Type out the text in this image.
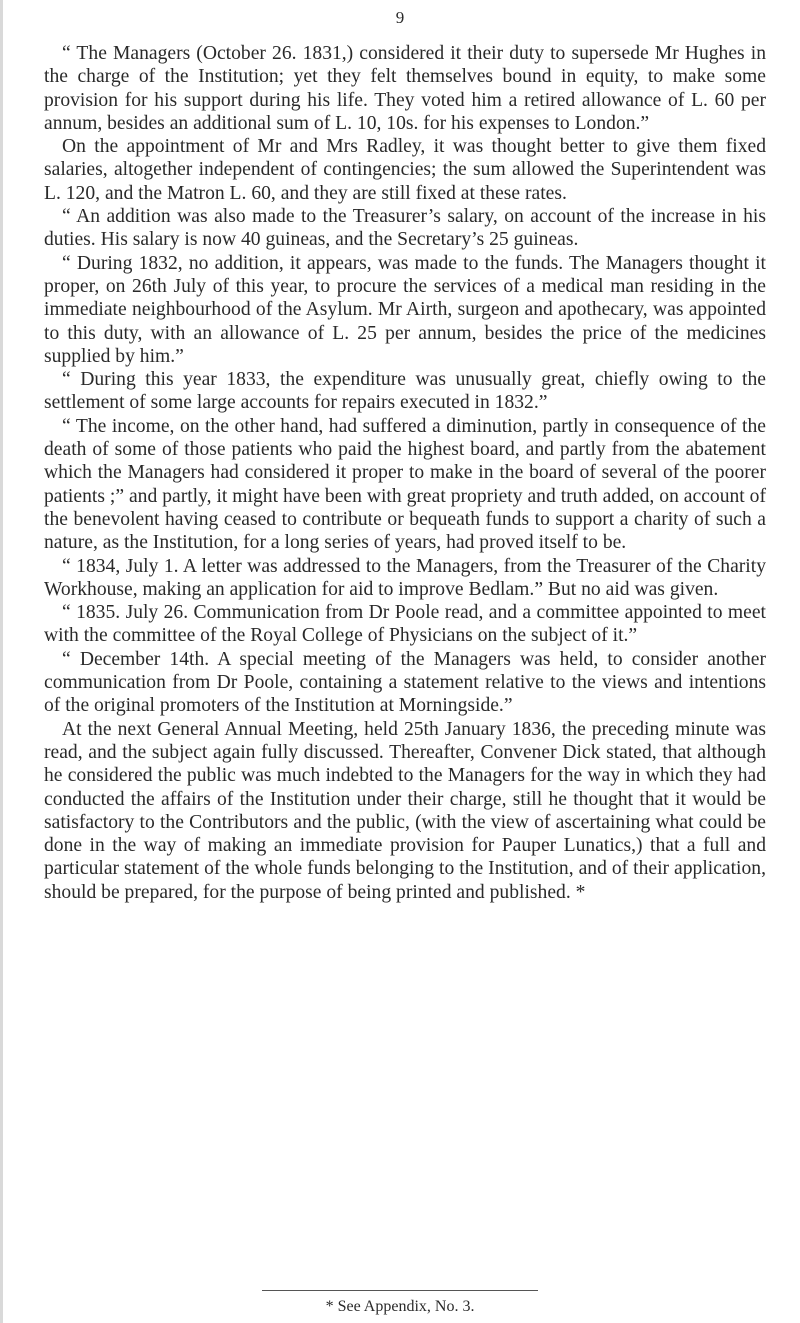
9

“ The Managers (October 26. 1831,) considered it their duty to supersede Mr Hughes in the charge of the Institution; yet they felt themselves bound in equity, to make some provision for his support during his life. They voted him a retired allowance of L. 60 per annum, besides an additional sum of L. 10, 10s. for his expenses to London.”

On the appointment of Mr and Mrs Radley, it was thought better to give them fixed salaries, altogether independent of contingencies; the sum allowed the Superintendent was L. 120, and the Matron L. 60, and they are still fixed at these rates.

“ An addition was also made to the Treasurer’s salary, on account of the increase in his duties. His salary is now 40 guineas, and the Secretary’s 25 guineas.

“ During 1832, no addition, it appears, was made to the funds. The Managers thought it proper, on 26th July of this year, to procure the services of a medical man residing in the immediate neighbourhood of the Asylum. Mr Airth, surgeon and apothecary, was appointed to this duty, with an allowance of L. 25 per annum, besides the price of the medicines supplied by him.”

“ During this year 1833, the expenditure was unusually great, chiefly owing to the settlement of some large accounts for repairs executed in 1832.”

“ The income, on the other hand, had suffered a diminution, partly in consequence of the death of some of those patients who paid the highest board, and partly from the abatement which the Managers had considered it proper to make in the board of several of the poorer patients ;” and partly, it might have been with great propriety and truth added, on account of the benevolent having ceased to contribute or bequeath funds to support a charity of such a nature, as the Institution, for a long series of years, had proved itself to be.

“ 1834, July 1. A letter was addressed to the Managers, from the Treasurer of the Charity Workhouse, making an application for aid to improve Bedlam.” But no aid was given.

“ 1835. July 26. Communication from Dr Poole read, and a committee appointed to meet with the committee of the Royal College of Physicians on the subject of it.”

“ December 14th. A special meeting of the Managers was held, to consider another communication from Dr Poole, containing a statement relative to the views and intentions of the original promoters of the Institution at Morningside.”

At the next General Annual Meeting, held 25th January 1836, the preceding minute was read, and the subject again fully discussed. Thereafter, Convener Dick stated, that although he considered the public was much indebted to the Managers for the way in which they had conducted the affairs of the Institution under their charge, still he thought that it would be satisfactory to the Contributors and the public, (with the view of ascertaining what could be done in the way of making an immediate provision for Pauper Lunatics,) that a full and particular statement of the whole funds belonging to the Institution, and of their application, should be prepared, for the purpose of being printed and published. *

* See Appendix, No. 3.
